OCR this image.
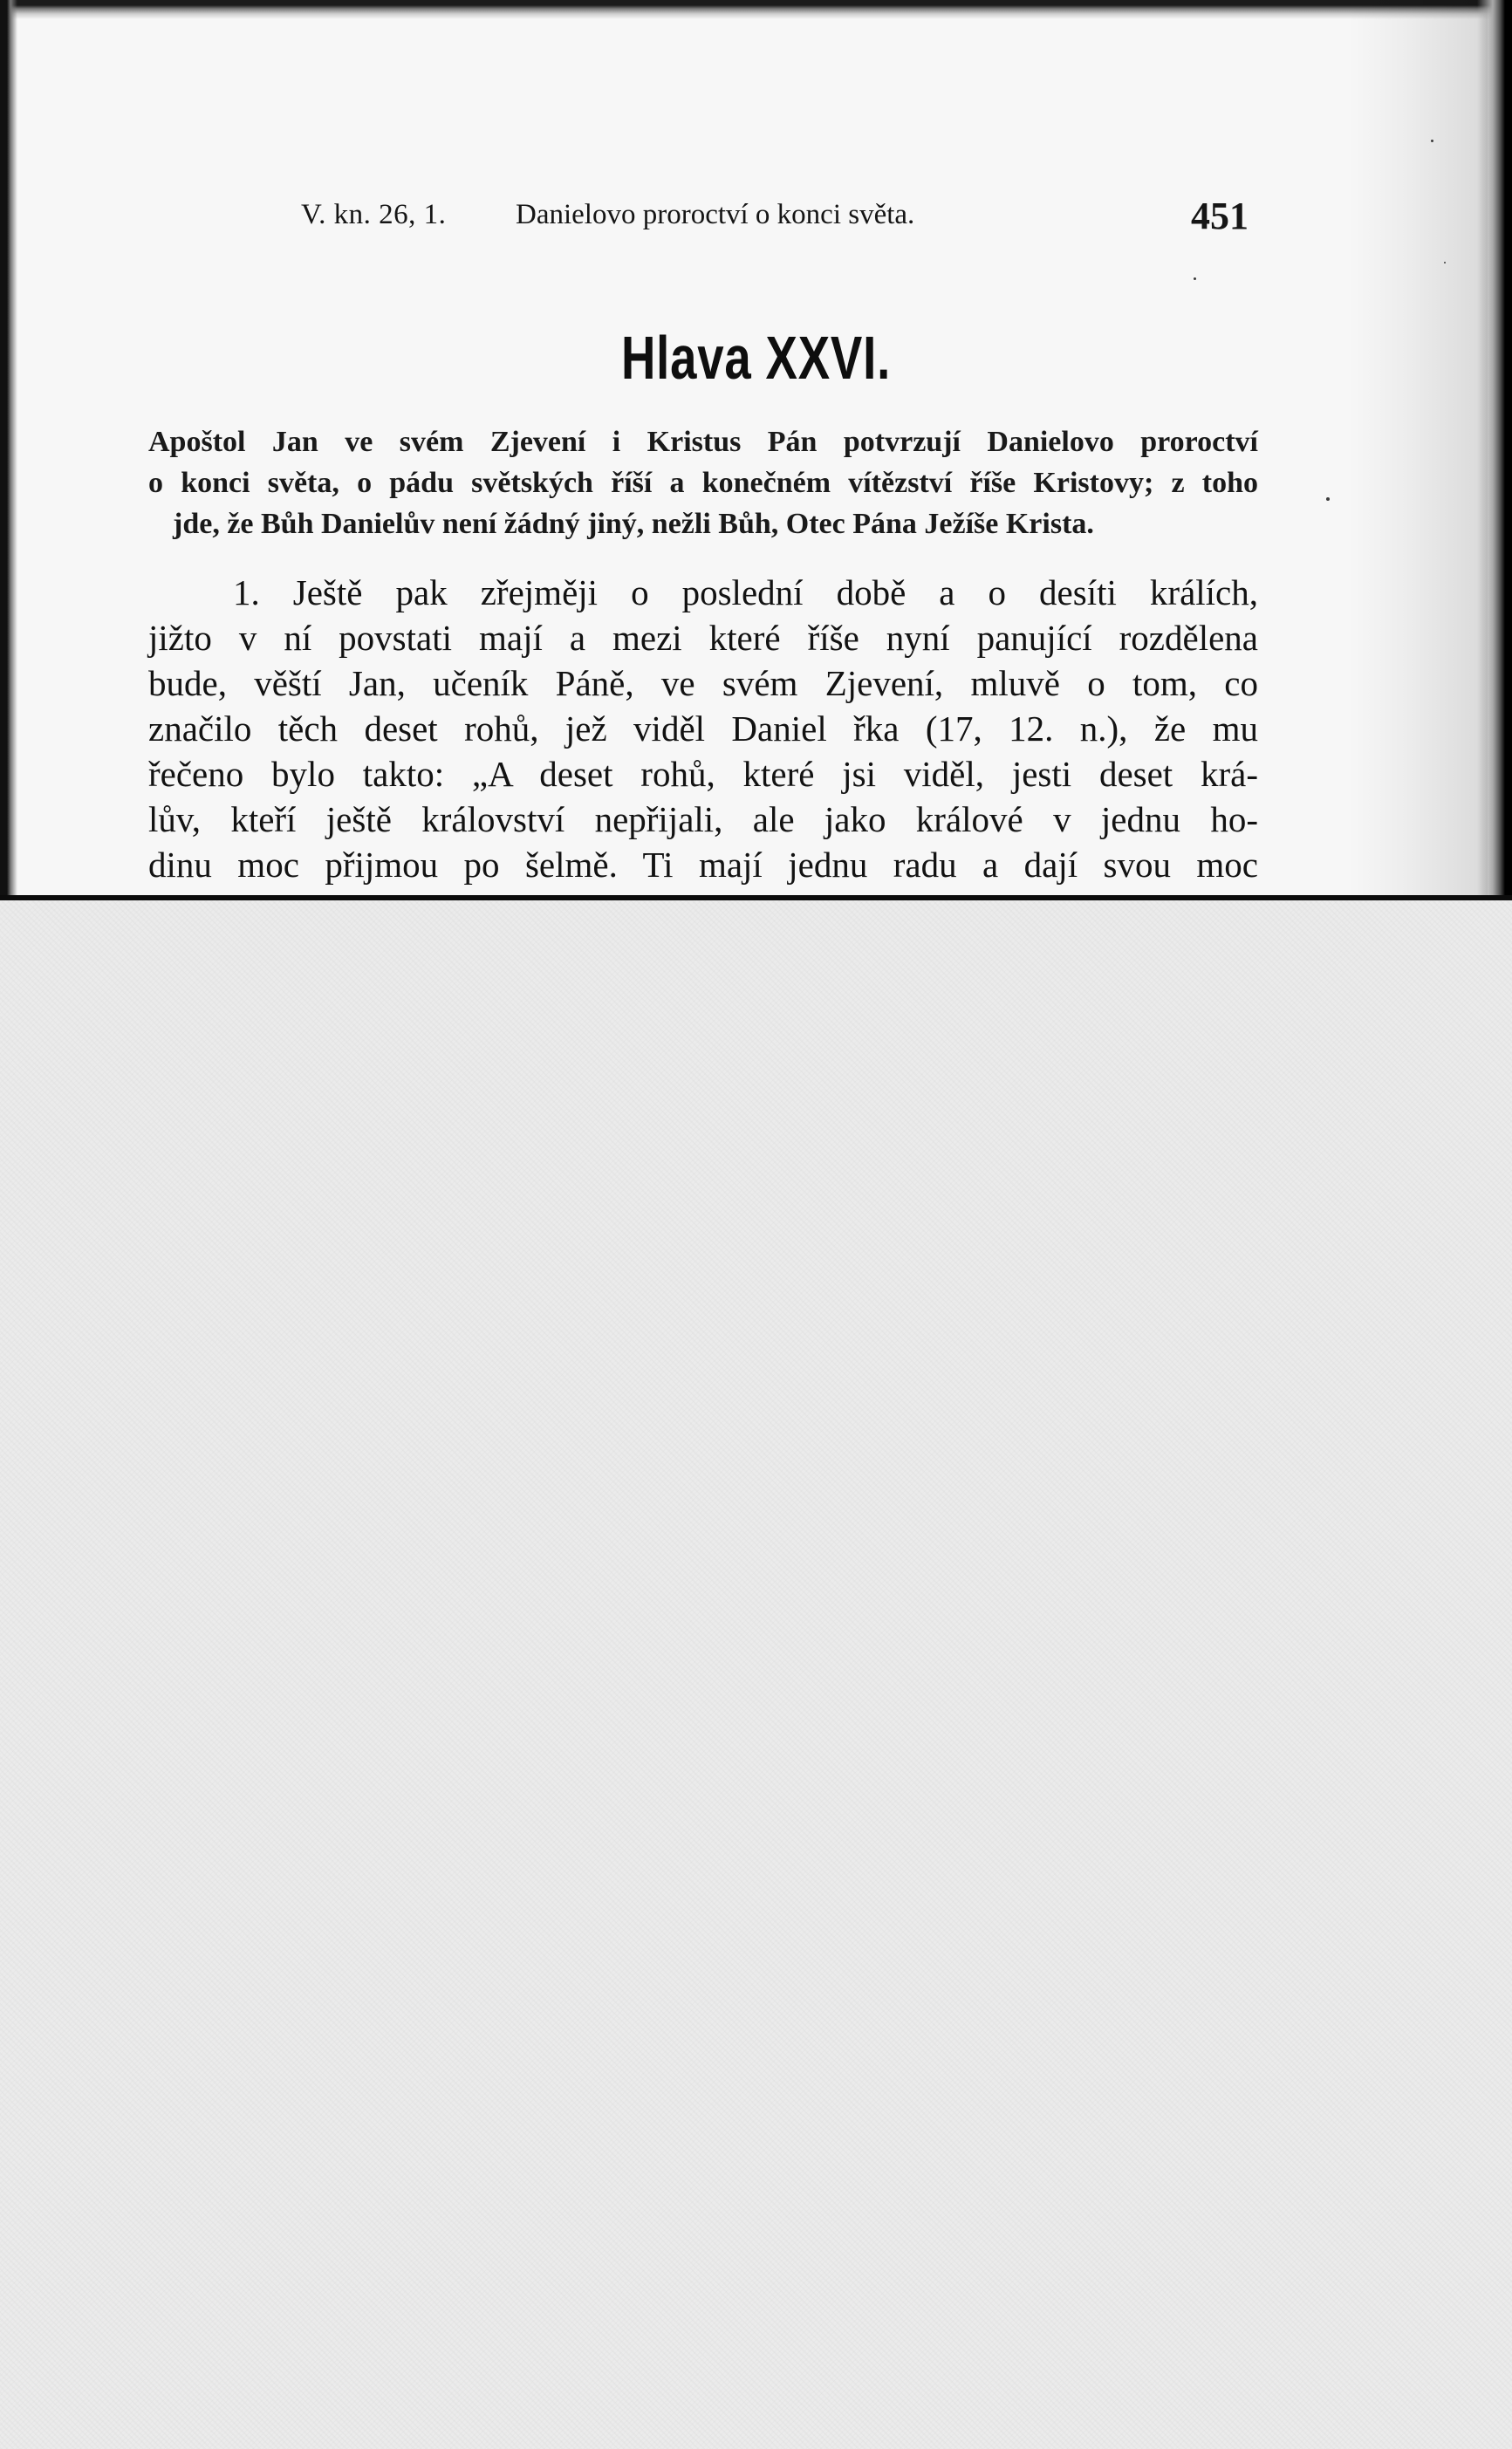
V. kn. 26, 1. Danielovo proroctví o konci světa.	451
Hlava XXVI.
Apoštol Jan ve svém Zjevení i Kristus Pán potvrzují Danielovo proroctví
o konci světa, o pádu světských říší a konečném vítězství říše Kristovy; z toho
jde, že Bůh Danielův není žádný jiný, nežli Bůh, Otec Pána Ježíše Krista.
1. Ještě pak zřejměji o poslední době a o desíti králích,
jižto v ní povstati mají a mezi které říše nyní panující rozdělena
bude, věští Jan, učeník Páně, ve svém Zjevení, mluvě o tom, co
značilo těch deset rohů, jež viděl Daniel řka (17, 12. n.), že mu
řečeno bylo takto: „A deset rohů, které jsi viděl, jesti deset krá-
lův, kteří ještě království nepřijali, ale jako králové v jednu ho-
dinu moc přijmou po šelmě. Ti mají jednu radu a dají svou moc
